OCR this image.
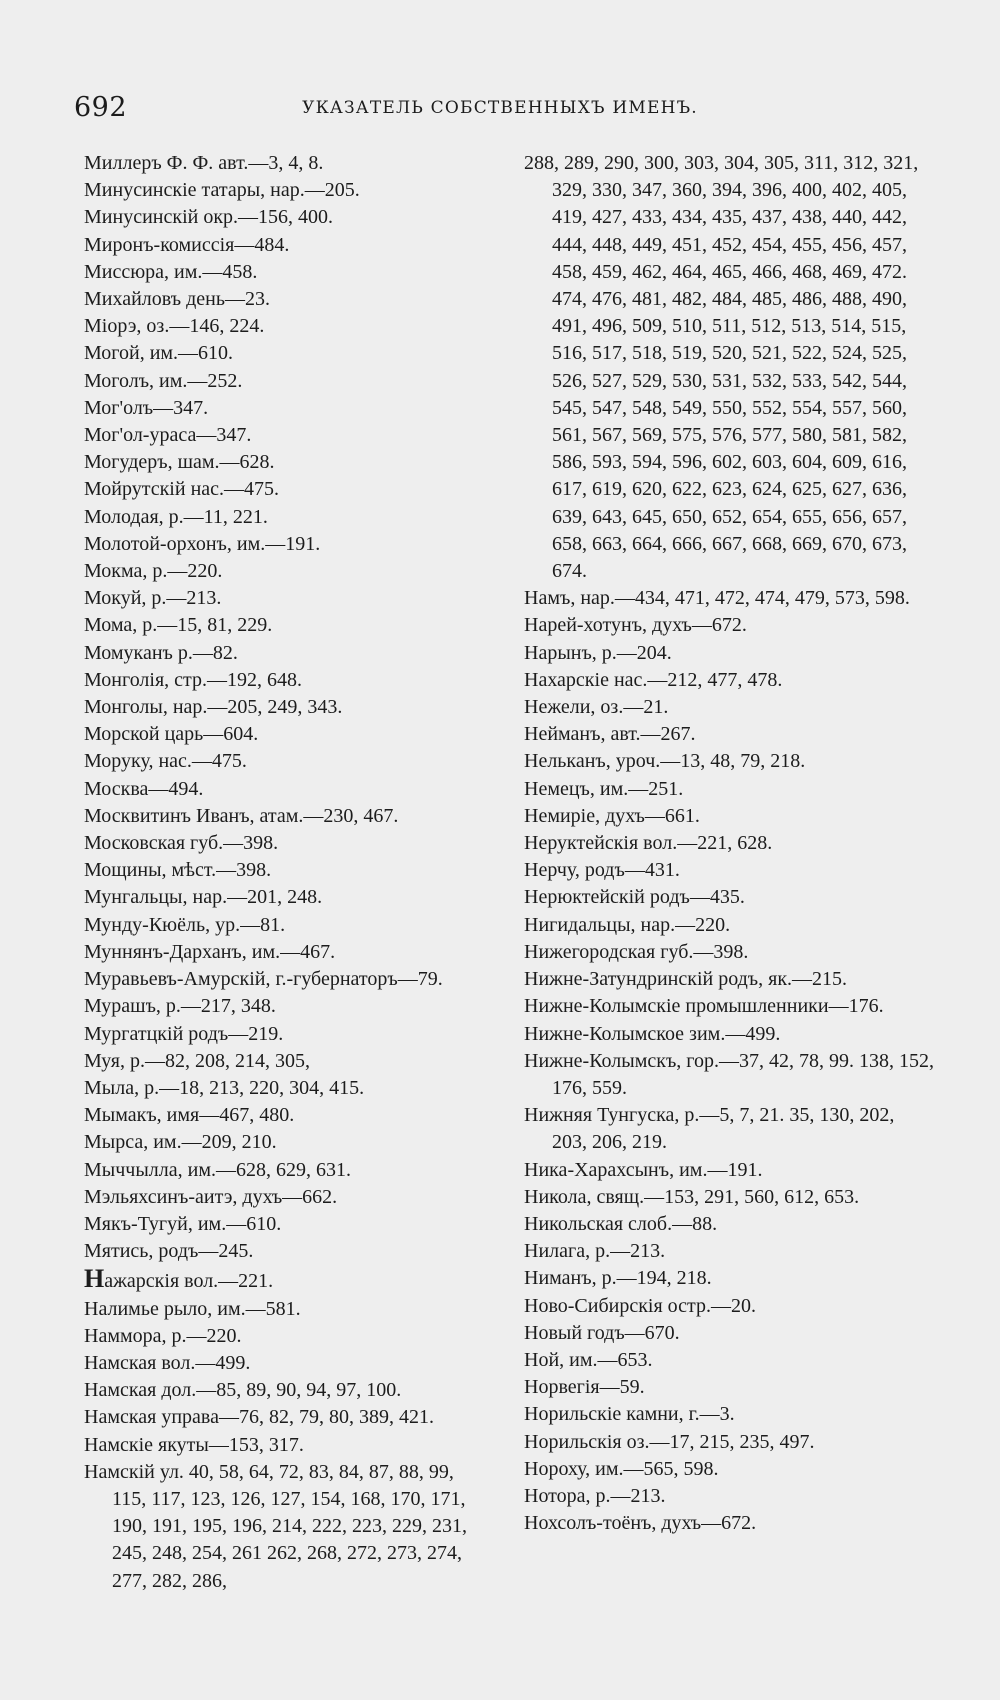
692	УКАЗАТЕЛЬ СОБСТВЕННЫХЪ ИМЕНЪ.
Миллеръ Ф. Ф. авт.—3, 4, 8.
Минусинскіе татары, нар.—205.
Минусинскій окр.—156, 400.
Миронъ-комиссія—484.
Миссюра, им.—458.
Михайловъ день—23.
Міорэ, оз.—146, 224.
Могой, им.—610.
Моголъ, им.—252.
Мог'олъ—347.
Мог'ол-ураса—347.
Могудеръ, шам.—628.
Мойрутскій нас.—475.
Молодая, р.—11, 221.
Молотой-орхонъ, им.—191.
Мокма, р.—220.
Мокуй, р.—213.
Мома, р.—15, 81, 229.
Момуканъ р.—82.
Монголія, стр.—192, 648.
Монголы, нар.—205, 249, 343.
Морской царь—604.
Моруку, нас.—475.
Москва—494.
Москвитинъ Иванъ, атам.—230, 467.
Московская губ.—398.
Мощины, мѣст.—398.
Мунгальцы, нар.—201, 248.
Мунду-Кюёль, ур.—81.
Муннянъ-Дарханъ, им.—467.
Муравьевъ-Амурскій, г.-губернаторъ—79.
Мурашъ, р.—217, 348.
Мургатцкій родъ—219.
Муя, р.—82, 208, 214, 305,
Мыла, р.—18, 213, 220, 304, 415.
Мымакъ, имя—467, 480.
Мырса, им.—209, 210.
Мыччылла, им.—628, 629, 631.
Мэльяхсинъ-аитэ, духъ—662.
Мякъ-Тугуй, им.—610.
Мятись, родъ—245.
Нажарскія вол.—221.
Налимье рыло, им.—581.
Наммора, р.—220.
Намская вол.—499.
Намская дол.—85, 89, 90, 94, 97, 100.
Намская управа—76, 82, 79, 80, 389, 421.
Намскіе якуты—153, 317.
Намскій ул. 40, 58, 64, 72, 83, 84, 87, 88, 99, 115, 117, 123, 126, 127, 154, 168, 170, 171, 190, 191, 195, 196, 214, 222, 223, 229, 231, 245, 248, 254, 261 262, 268, 272, 273, 274, 277, 282, 286,
288, 289, 290, 300, 303, 304, 305, 311, 312, 321, 329, 330, 347, 360, 394, 396, 400, 402, 405, 419, 427, 433, 434, 435, 437, 438, 440, 442, 444, 448, 449, 451, 452, 454, 455, 456, 457, 458, 459, 462, 464, 465, 466, 468, 469, 472. 474, 476, 481, 482, 484, 485, 486, 488, 490, 491, 496, 509, 510, 511, 512, 513, 514, 515, 516, 517, 518, 519, 520, 521, 522, 524, 525, 526, 527, 529, 530, 531, 532, 533, 542, 544, 545, 547, 548, 549, 550, 552, 554, 557, 560, 561, 567, 569, 575, 576, 577, 580, 581, 582, 586, 593, 594, 596, 602, 603, 604, 609, 616, 617, 619, 620, 622, 623, 624, 625, 627, 636, 639, 643, 645, 650, 652, 654, 655, 656, 657, 658, 663, 664, 666, 667, 668, 669, 670, 673, 674.
Намъ, нар.—434, 471, 472, 474, 479, 573, 598.
Нарей-хотунъ, духъ—672.
Нарынъ, р.—204.
Нахарскіе нас.—212, 477, 478.
Нежели, оз.—21.
Нейманъ, авт.—267.
Нельканъ, уроч.—13, 48, 79, 218.
Немецъ, им.—251.
Немиріе, духъ—661.
Неруктейскія вол.—221, 628.
Нерчу, родъ—431.
Нерюктейскій родъ—435.
Нигидальцы, нар.—220.
Нижегородская губ.—398.
Нижне-Затундринскій родъ, як.—215.
Нижне-Колымскіе промышленники—176.
Нижне-Колымское зим.—499.
Нижне-Колымскъ, гор.—37, 42, 78, 99. 138, 152, 176, 559.
Нижняя Тунгуска, р.—5, 7, 21. 35, 130, 202, 203, 206, 219.
Ника-Харахсынъ, им.—191.
Никола, свящ.—153, 291, 560, 612, 653.
Никольская слоб.—88.
Нилага, р.—213.
Ниманъ, р.—194, 218.
Ново-Сибирскія остр.—20.
Новый годъ—670.
Ной, им.—653.
Норвегія—59.
Норильскіе камни, г.—3.
Норильскія оз.—17, 215, 235, 497.
Нороху, им.—565, 598.
Нотора, р.—213.
Нохсолъ-тоёнъ, духъ—672.
